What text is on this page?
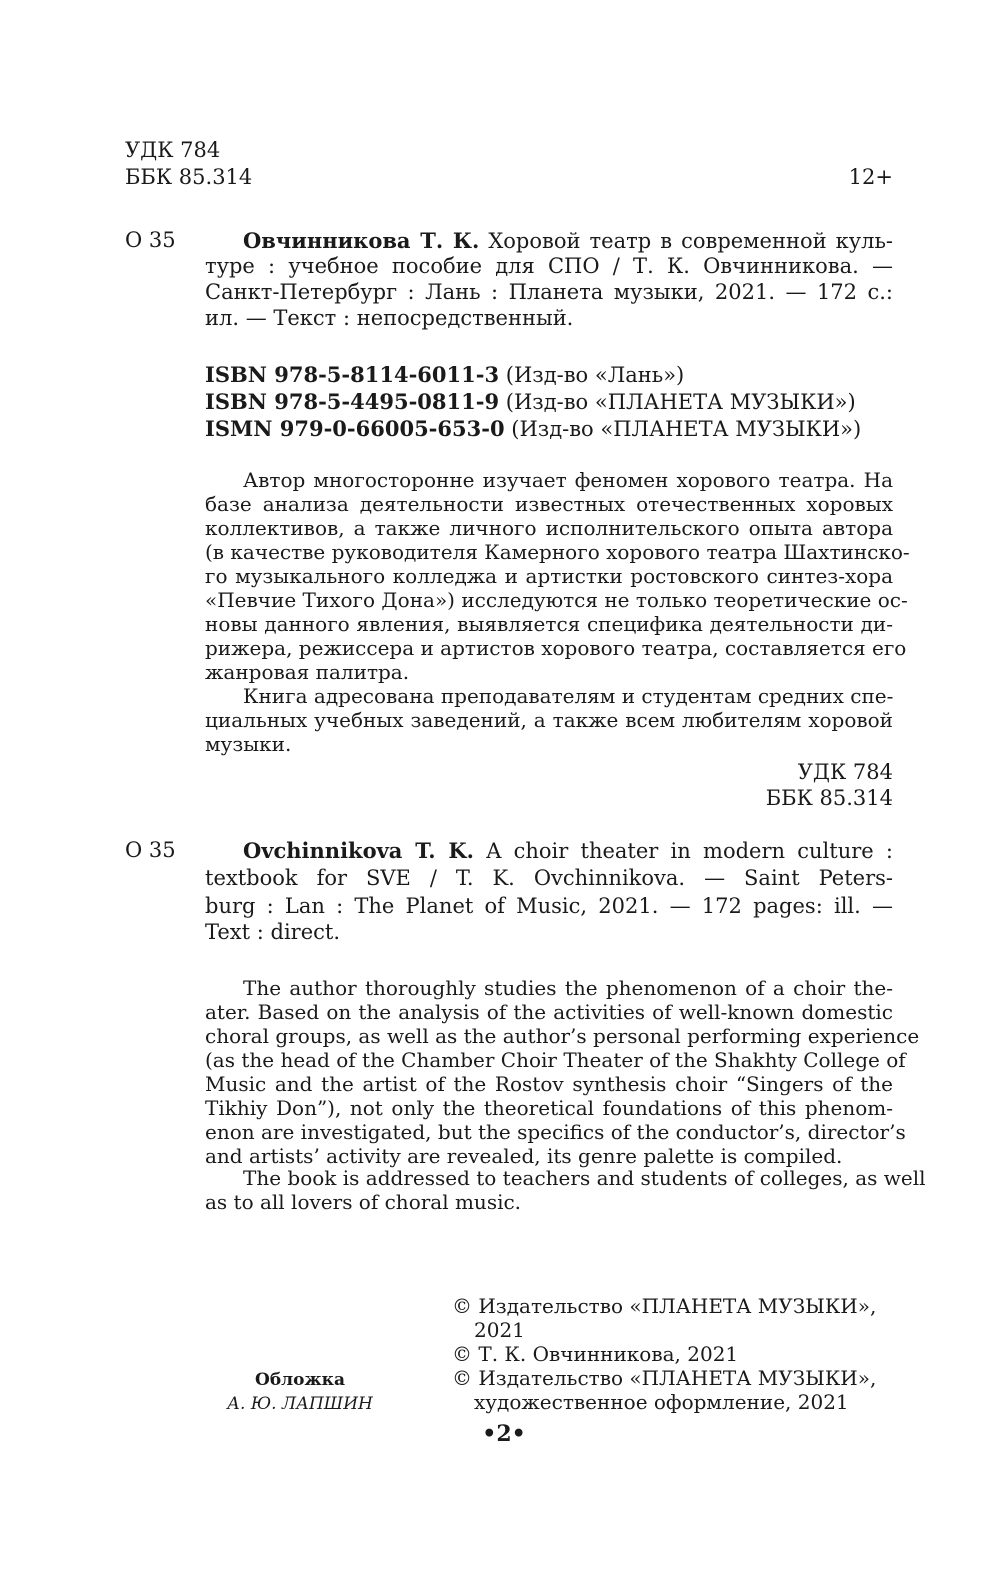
УДК 784
ББК 85.314	12+
О 35	Овчинникова Т. К. Хоровой театр в современной куль-
туре : учебное пособие для СПО / Т. К. Овчинникова. —
Санкт-Петербург : Лань : Планета музыки, 2021. — 172 с.:
ил. — Текст : непосредственный.
ISBN 978-5-8114-6011-3 (Изд-во «Лань»)
ISBN 978-5-4495-0811-9 (Изд-во «ПЛАНЕТА МУЗЫКИ»)
ISMN 979-0-66005-653-0 (Изд-во «ПЛАНЕТА МУЗЫКИ»)
Автор многосторонне изучает феномен хорового театра. На
базе анализа деятельности известных отечественных хоровых
коллективов, а также личного исполнительского опыта автора
(в качестве руководителя Камерного хорового театра Шахтинско-
го музыкального колледжа и артистки ростовского синтез-хора
«Певчие Тихого Дона») исследуются не только теоретические ос-
новы данного явления, выявляется специфика деятельности ди-
рижера, режиссера и артистов хорового театра, составляется его
жанровая палитра.
Книга адресована преподавателям и студентам средних спе-
циальных учебных заведений, а также всем любителям хоровой
музыки.
УДК 784
ББК 85.314
О 35	Ovchinnikova T. K. A choir theater in modern culture :
textbook for SVE / T. K. Ovchinnikova. — Saint Peters-
burg : Lan : The Planet of Music, 2021. — 172 pages: ill. —
Text : direct.
The author thoroughly studies the phenomenon of a choir the-
ater. Based on the analysis of the activities of well-known domestic
choral groups, as well as the author’s personal performing experience
(as the head of the Chamber Choir Theater of the Shakhty College of
Music and the artist of the Rostov synthesis choir “Singers of the
Tikhiy Don”), not only the theoretical foundations of this phenom-
enon are investigated, but the specifics of the conductor’s, director’s
and artists’ activity are revealed, its genre palette is compiled.
The book is addressed to teachers and students of colleges, as well
as to all lovers of choral music.
Обложка
А. Ю. ЛАПШИН
© Издательство «ПЛАНЕТА МУЗЫКИ»,
2021
© Т. К. Овчинникова, 2021
© Издательство «ПЛАНЕТА МУЗЫКИ»,
художественное оформление, 2021
•2•
